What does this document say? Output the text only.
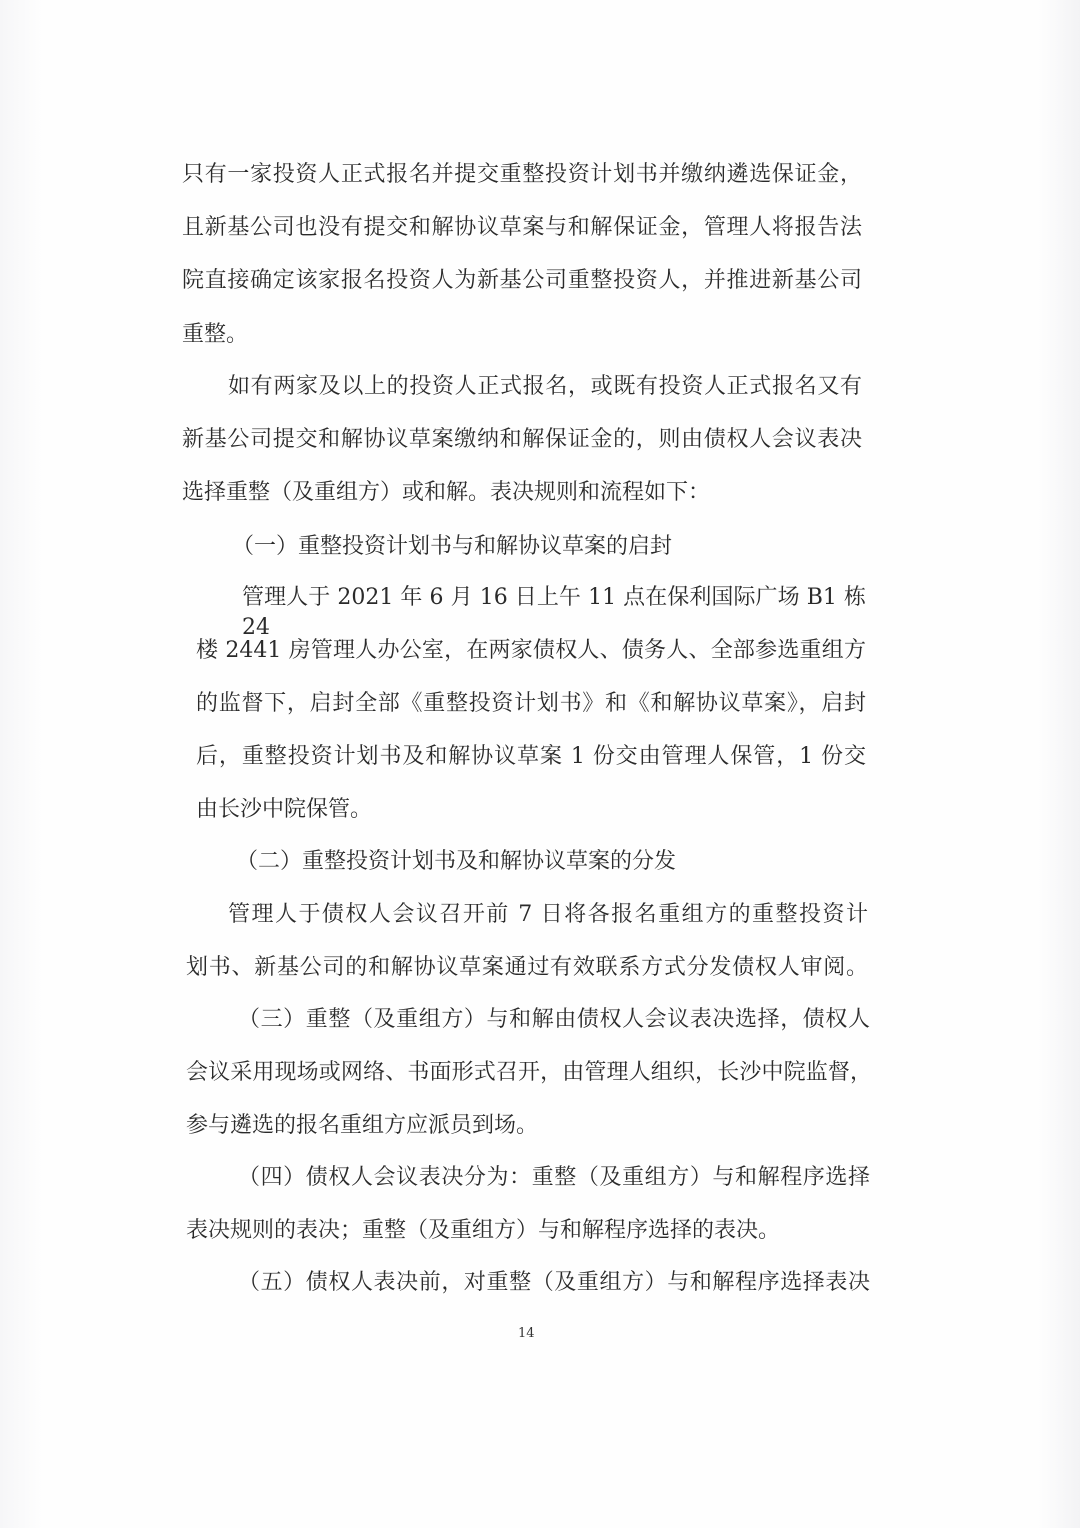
只有一家投资人正式报名并提交重整投资计划书并缴纳遴选保证金，
且新基公司也没有提交和解协议草案与和解保证金，管理人将报告法
院直接确定该家报名投资人为新基公司重整投资人，并推进新基公司
重整。
如有两家及以上的投资人正式报名，或既有投资人正式报名又有
新基公司提交和解协议草案缴纳和解保证金的，则由债权人会议表决
选择重整（及重组方）或和解。表决规则和流程如下：
（一）重整投资计划书与和解协议草案的启封
管理人于 2021 年 6 月 16 日上午 11 点在保利国际广场 B1 栋 24
楼 2441 房管理人办公室，在两家债权人、债务人、全部参选重组方
的监督下，启封全部《重整投资计划书》和《和解协议草案》，启封
后，重整投资计划书及和解协议草案 1 份交由管理人保管，1 份交
由长沙中院保管。
（二）重整投资计划书及和解协议草案的分发
管理人于债权人会议召开前 7 日将各报名重组方的重整投资计
划书、新基公司的和解协议草案通过有效联系方式分发债权人审阅。
（三）重整（及重组方）与和解由债权人会议表决选择，债权人
会议采用现场或网络、书面形式召开，由管理人组织，长沙中院监督，
参与遴选的报名重组方应派员到场。
（四）债权人会议表决分为：重整（及重组方）与和解程序选择
表决规则的表决；重整（及重组方）与和解程序选择的表决。
（五）债权人表决前，对重整（及重组方）与和解程序选择表决
14
